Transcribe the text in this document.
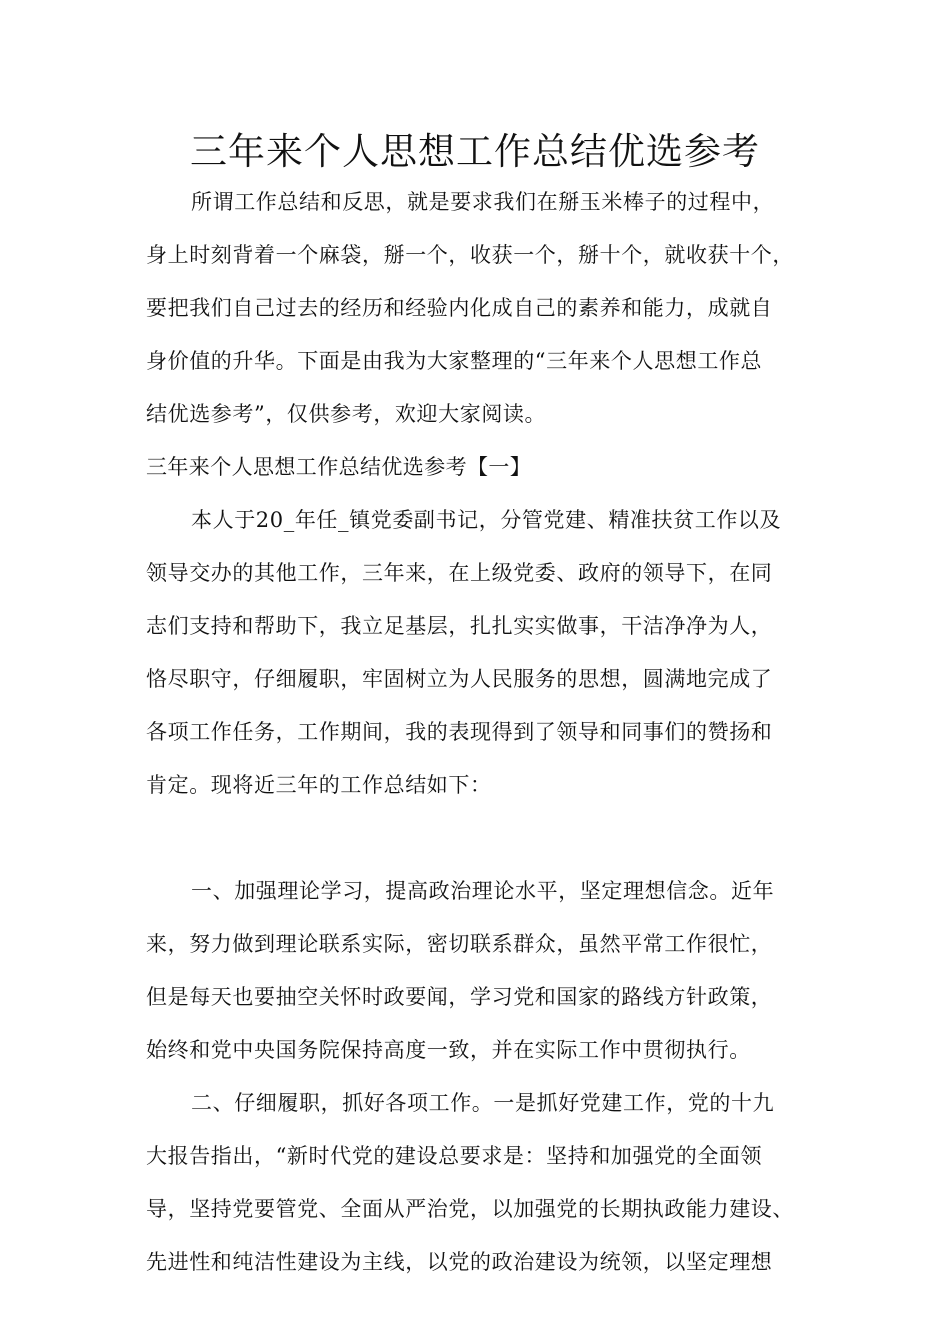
三年来个人思想工作总结优选参考
所谓工作总结和反思，就是要求我们在掰玉米棒子的过程中，
身上时刻背着一个麻袋，掰一个，收获一个，掰十个，就收获十个，
要把我们自己过去的经历和经验内化成自己的素养和能力，成就自
身价值的升华。下面是由我为大家整理的“三年来个人思想工作总
结优选参考”，仅供参考，欢迎大家阅读。
三年来个人思想工作总结优选参考【一】
本人于20_年任_镇党委副书记，分管党建、精准扶贫工作以及
领导交办的其他工作，三年来，在上级党委、政府的领导下，在同
志们支持和帮助下，我立足基层，扎扎实实做事，干洁净净为人，
恪尽职守，仔细履职，牢固树立为人民服务的思想，圆满地完成了
各项工作任务，工作期间，我的表现得到了领导和同事们的赞扬和
肯定。现将近三年的工作总结如下：
一、加强理论学习，提高政治理论水平，坚定理想信念。近年
来，努力做到理论联系实际，密切联系群众，虽然平常工作很忙，
但是每天也要抽空关怀时政要闻，学习党和国家的路线方针政策，
始终和党中央国务院保持高度一致，并在实际工作中贯彻执行。
二、仔细履职，抓好各项工作。一是抓好党建工作，党的十九
大报告指出，“新时代党的建设总要求是：坚持和加强党的全面领
导，坚持党要管党、全面从严治党，以加强党的长期执政能力建设、
先进性和纯洁性建设为主线，以党的政治建设为统领，以坚定理想
